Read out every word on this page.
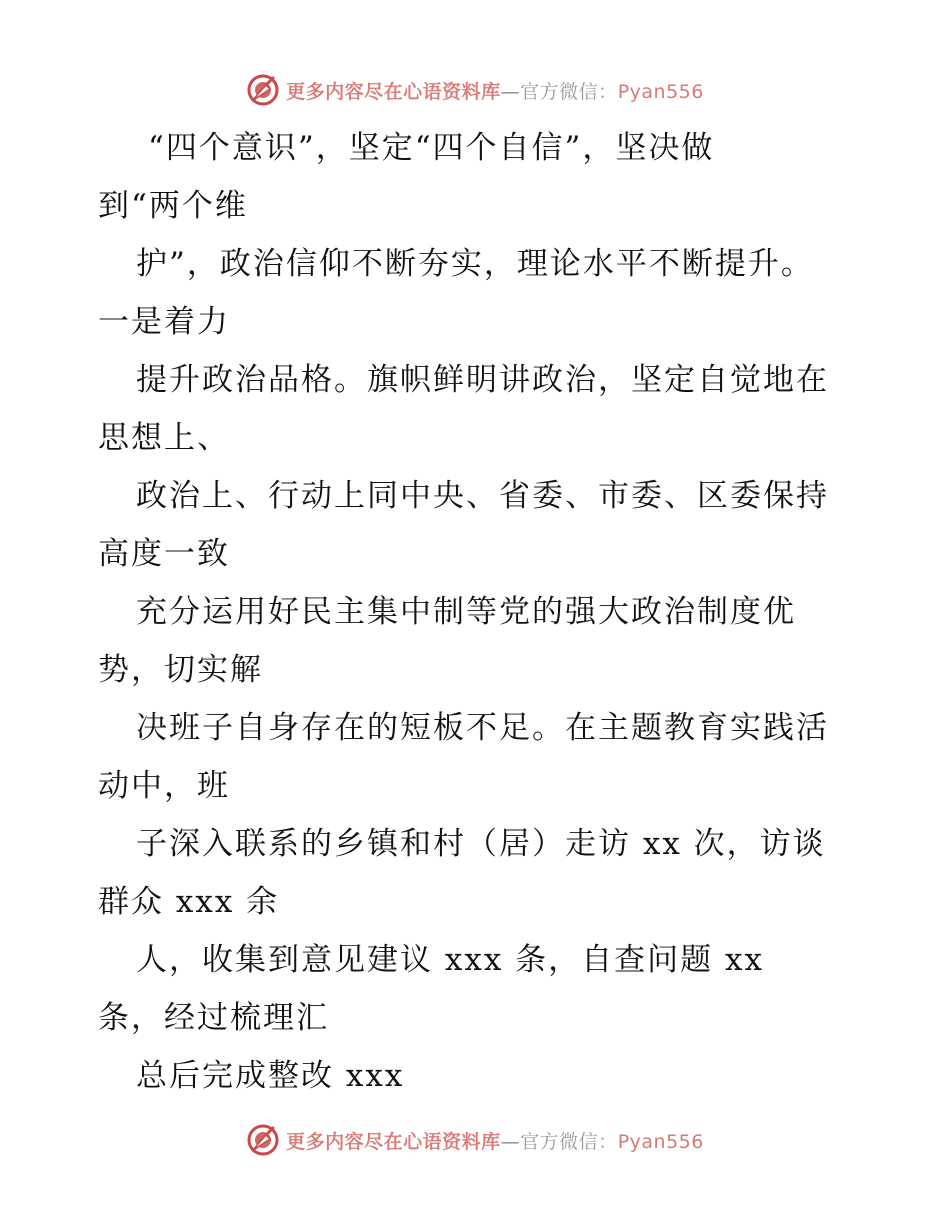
更多内容尽在心语资料库—官方微信：Pyan556
“四个意识”，坚定“四个自信”，坚决做
到“两个维
护”，政治信仰不断夯实，理论水平不断提升。
一是着力
提升政治品格。旗帜鲜明讲政治，坚定自觉地在
思想上、
政治上、行动上同中央、省委、市委、区委保持
高度一致
充分运用好民主集中制等党的强大政治制度优
势，切实解
决班子自身存在的短板不足。在主题教育实践活
动中，班
子深入联系的乡镇和村（居）走访 xx 次，访谈
群众 xxx 余
人，收集到意见建议 xxx 条，自查问题 xx
条，经过梳理汇
总后完成整改 xxx
更多内容尽在心语资料库—官方微信：Pyan556
